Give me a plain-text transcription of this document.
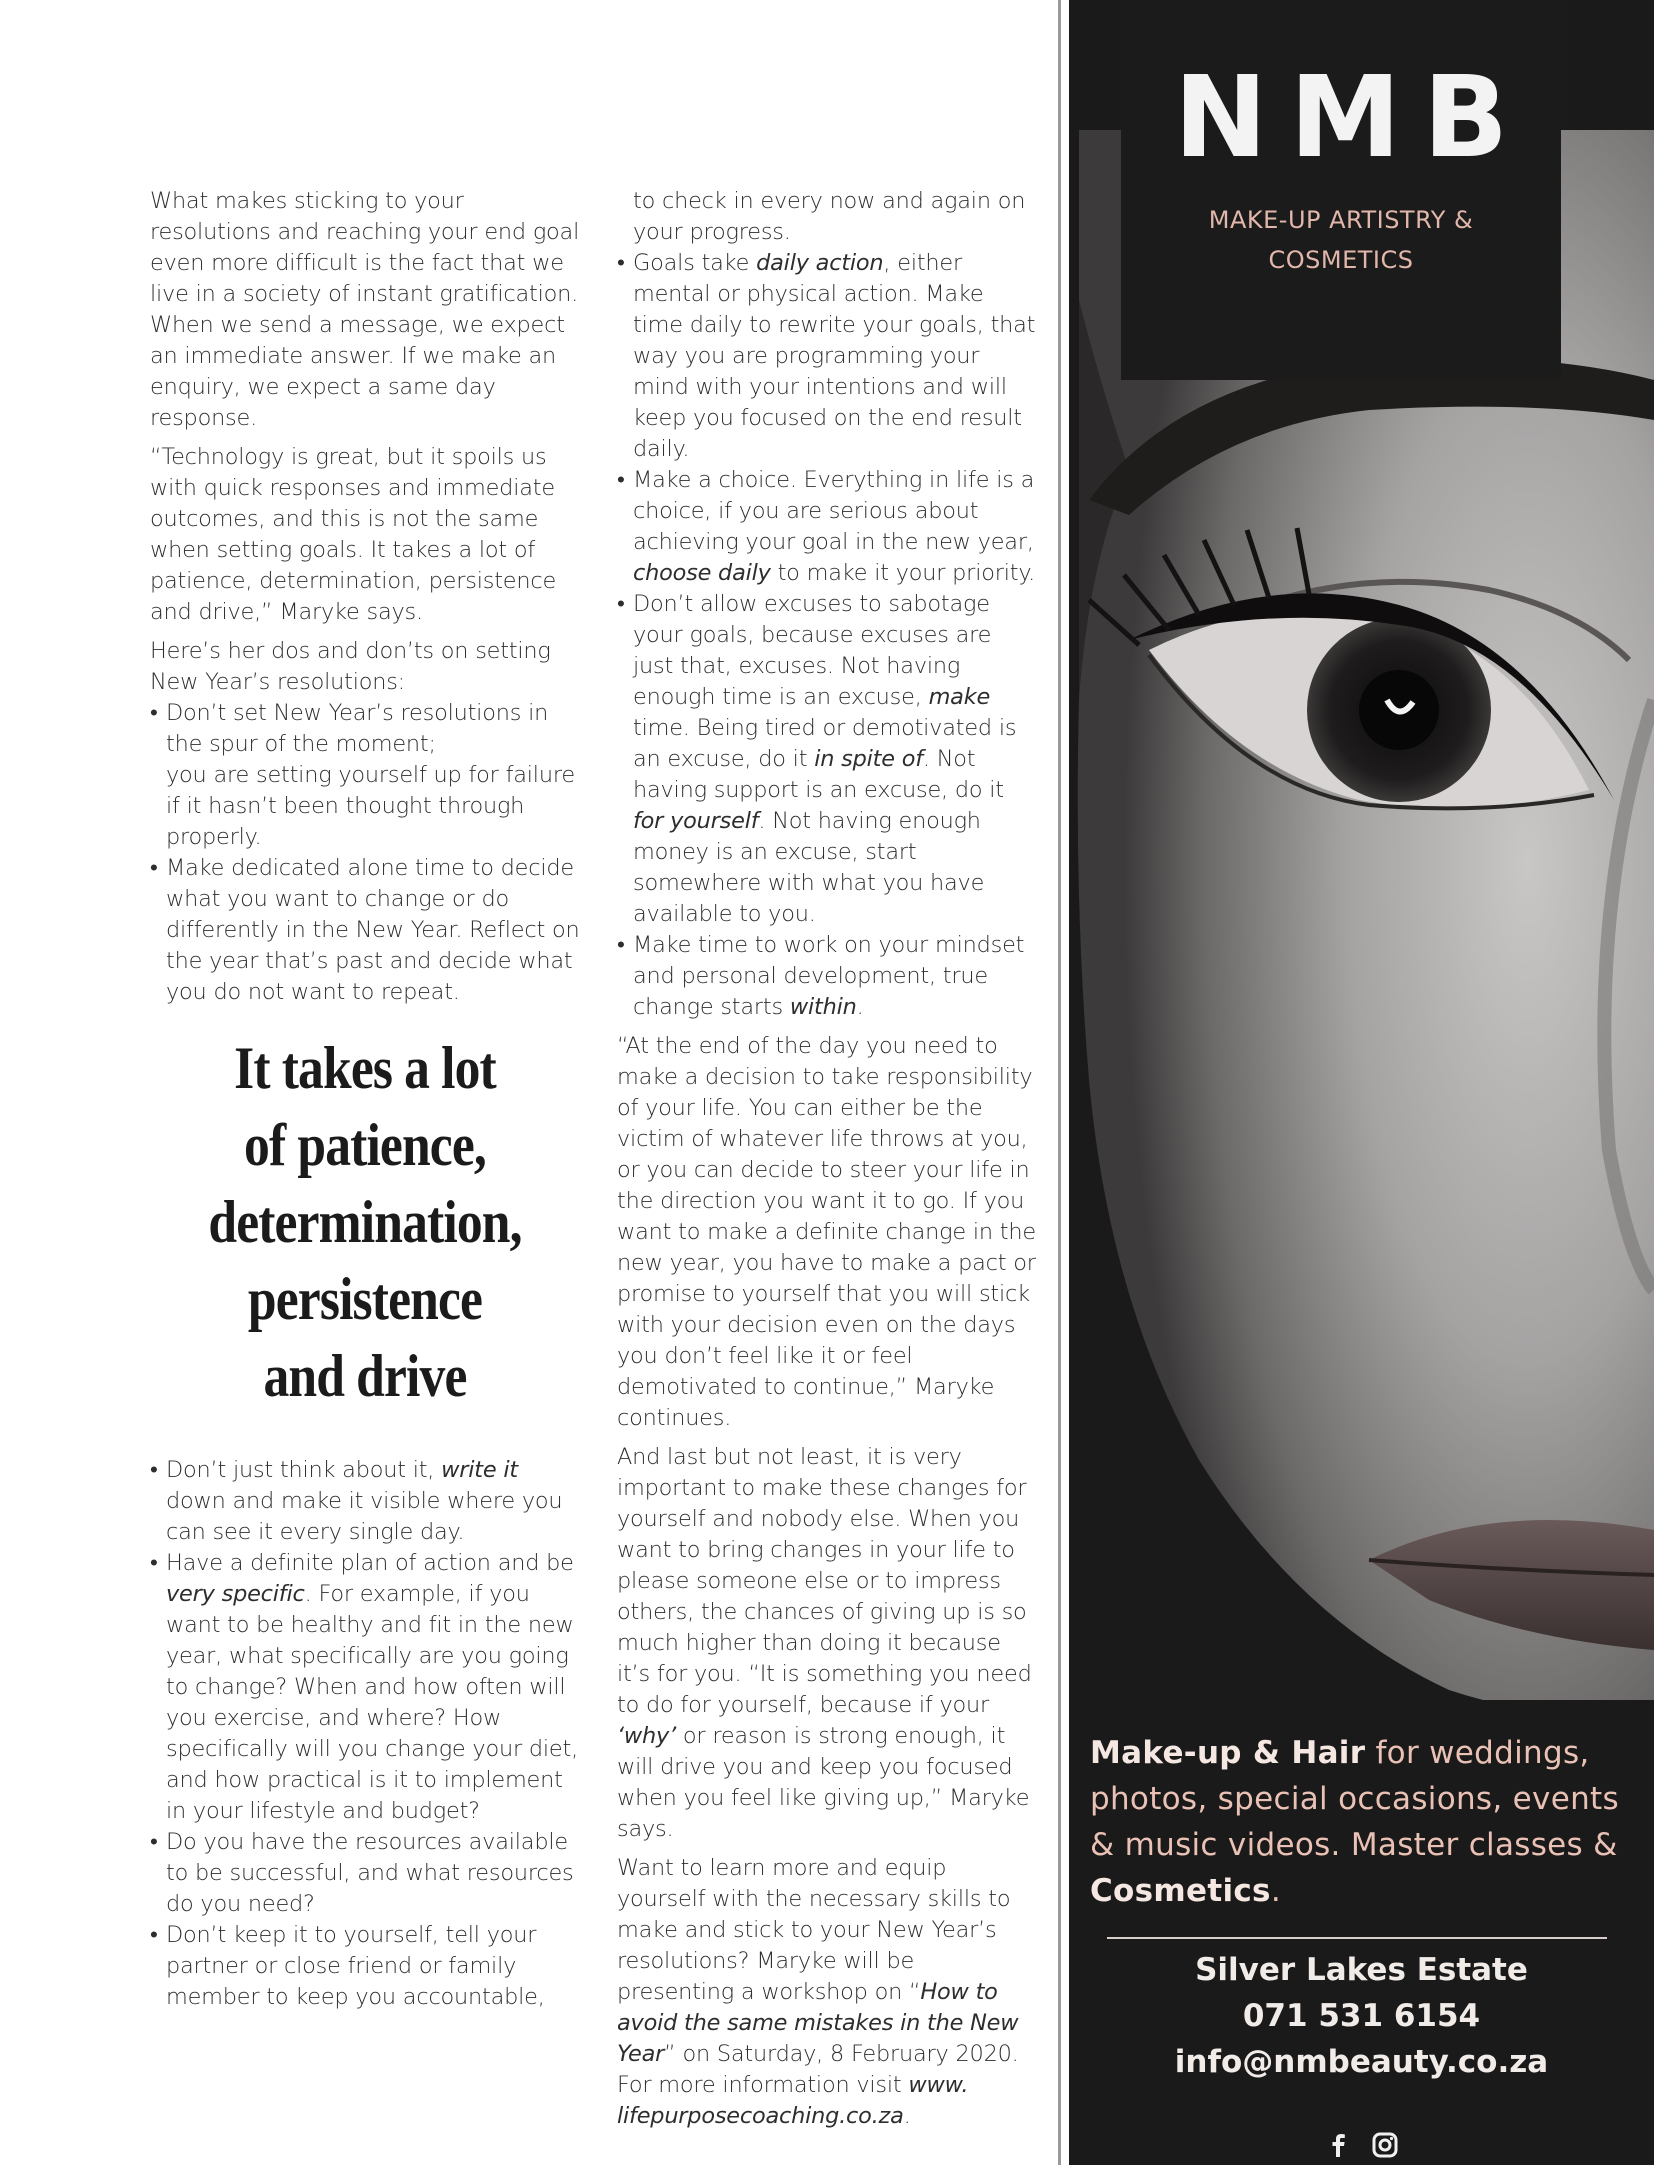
What makes sticking to your resolutions and reaching your end goal even more difficult is the fact that we live in a society of instant gratification. When we send a message, we expect an immediate answer. If we make an enquiry, we expect a same day response.

“Technology is great, but it spoils us with quick responses and immediate outcomes, and this is not the same when setting goals. It takes a lot of patience, determination, persistence and drive,” Maryke says.

Here’s her dos and don’ts on setting New Year’s resolutions:

• Don’t set New Year’s resolutions in the spur of the moment;
you are setting yourself up for failure if it hasn’t been thought through properly.
• Make dedicated alone time to decide what you want to change or do differently in the New Year. Reflect on the year that’s past and decide what you do not want to repeat.
It takes a lot
of patience,
determination,
persistence
and drive
• Don’t just think about it, write it down and make it visible where you can see it every single day.
• Have a definite plan of action and be very specific. For example, if you want to be healthy and fit in the new year, what specifically are you going to change? When and how often will you exercise, and where? How specifically will you change your diet, and how practical is it to implement in your lifestyle and budget?
• Do you have the resources available to be successful, and what resources do you need?
• Don’t keep it to yourself, tell your partner or close friend or family member to keep you accountable,
to check in every now and again on your progress.
• Goals take daily action, either mental or physical action. Make time daily to rewrite your goals, that way you are programming your mind with your intentions and will keep you focused on the end result daily.
• Make a choice. Everything in life is a choice, if you are serious about achieving your goal in the new year, choose daily to make it your priority.
• Don’t allow excuses to sabotage your goals, because excuses are just that, excuses. Not having enough time is an excuse, make time. Being tired or demotivated is an excuse, do it in spite of. Not having support is an excuse, do it for yourself. Not having enough money is an excuse, start somewhere with what you have available to you.
• Make time to work on your mindset and personal development, true change starts within.

“At the end of the day you need to make a decision to take responsibility of your life. You can either be the victim of whatever life throws at you, or you can decide to steer your life in the direction you want it to go. If you want to make a definite change in the new year, you have to make a pact or promise to yourself that you will stick with your decision even on the days you don’t feel like it or feel demotivated to continue,” Maryke continues.

And last but not least, it is very important to make these changes for yourself and nobody else. When you want to bring changes in your life to please someone else or to impress others, the chances of giving up is so much higher than doing it because it’s for you. “It is something you need to do for yourself, because if your ‘why’ or reason is strong enough, it will drive you and keep you focused when you feel like giving up,” Maryke says.

Want to learn more and equip yourself with the necessary skills to make and stick to your New Year’s resolutions? Maryke will be presenting a workshop on “How to avoid the same mistakes in the New Year” on Saturday, 8 February 2020. For more information visit www. lifepurposecoaching.co.za.

NMB
MAKE-UP ARTISTRY &
COSMETICS
Make-up & Hair for weddings, photos, special occasions, events & music videos. Master classes & Cosmetics.
Silver Lakes Estate
071 531 6154
info@nmbeauty.co.za
